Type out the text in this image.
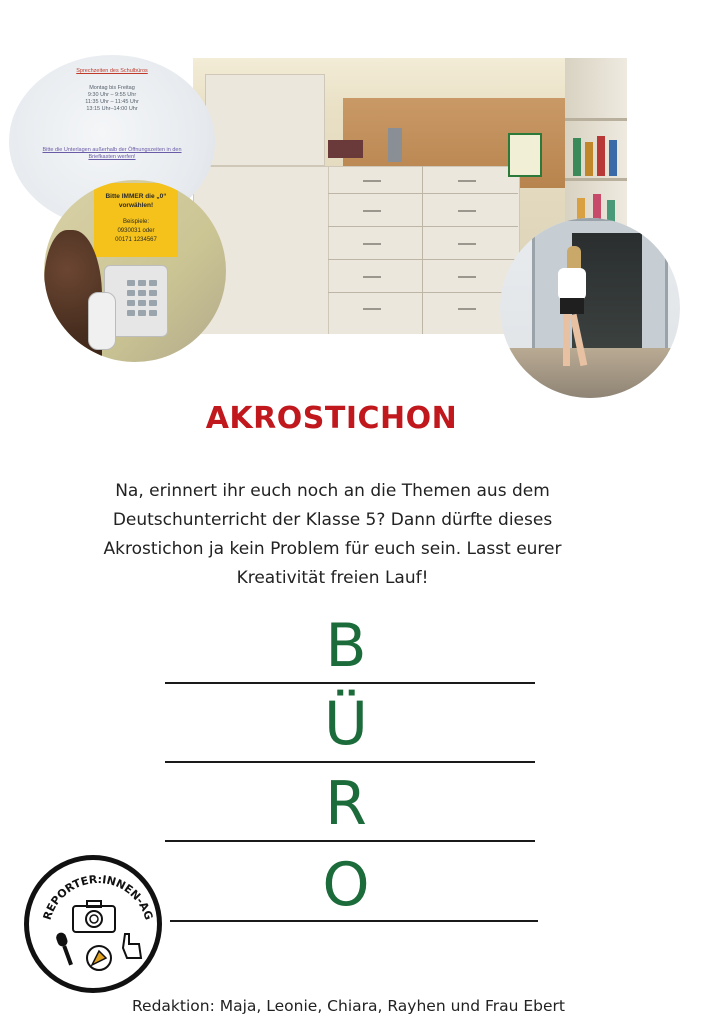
Sprechzeiten des Schulbüros
Montag bis Freitag
9:30 Uhr – 9:55 Uhr
11:35 Uhr – 11:45 Uhr
13:15 Uhr–14:00 Uhr
Bitte die Unterlagen außerhalb der Öffnungszeiten in den Briefkasten werfen!
Bitte IMMER die „0“
vorwählen!
Beispiele:
0930031 oder
00171 1234567
AKROSTICHON
Na, erinnert ihr euch noch an die Themen aus dem Deutschunterricht der Klasse 5? Dann dürfte dieses Akrostichon ja kein Problem für euch sein. Lasst eurer Kreativität freien Lauf!
B
Ü
R
O
REPORTER:INNEN-AG
Redaktion: Maja, Leonie, Chiara, Rayhen und Frau Ebert
